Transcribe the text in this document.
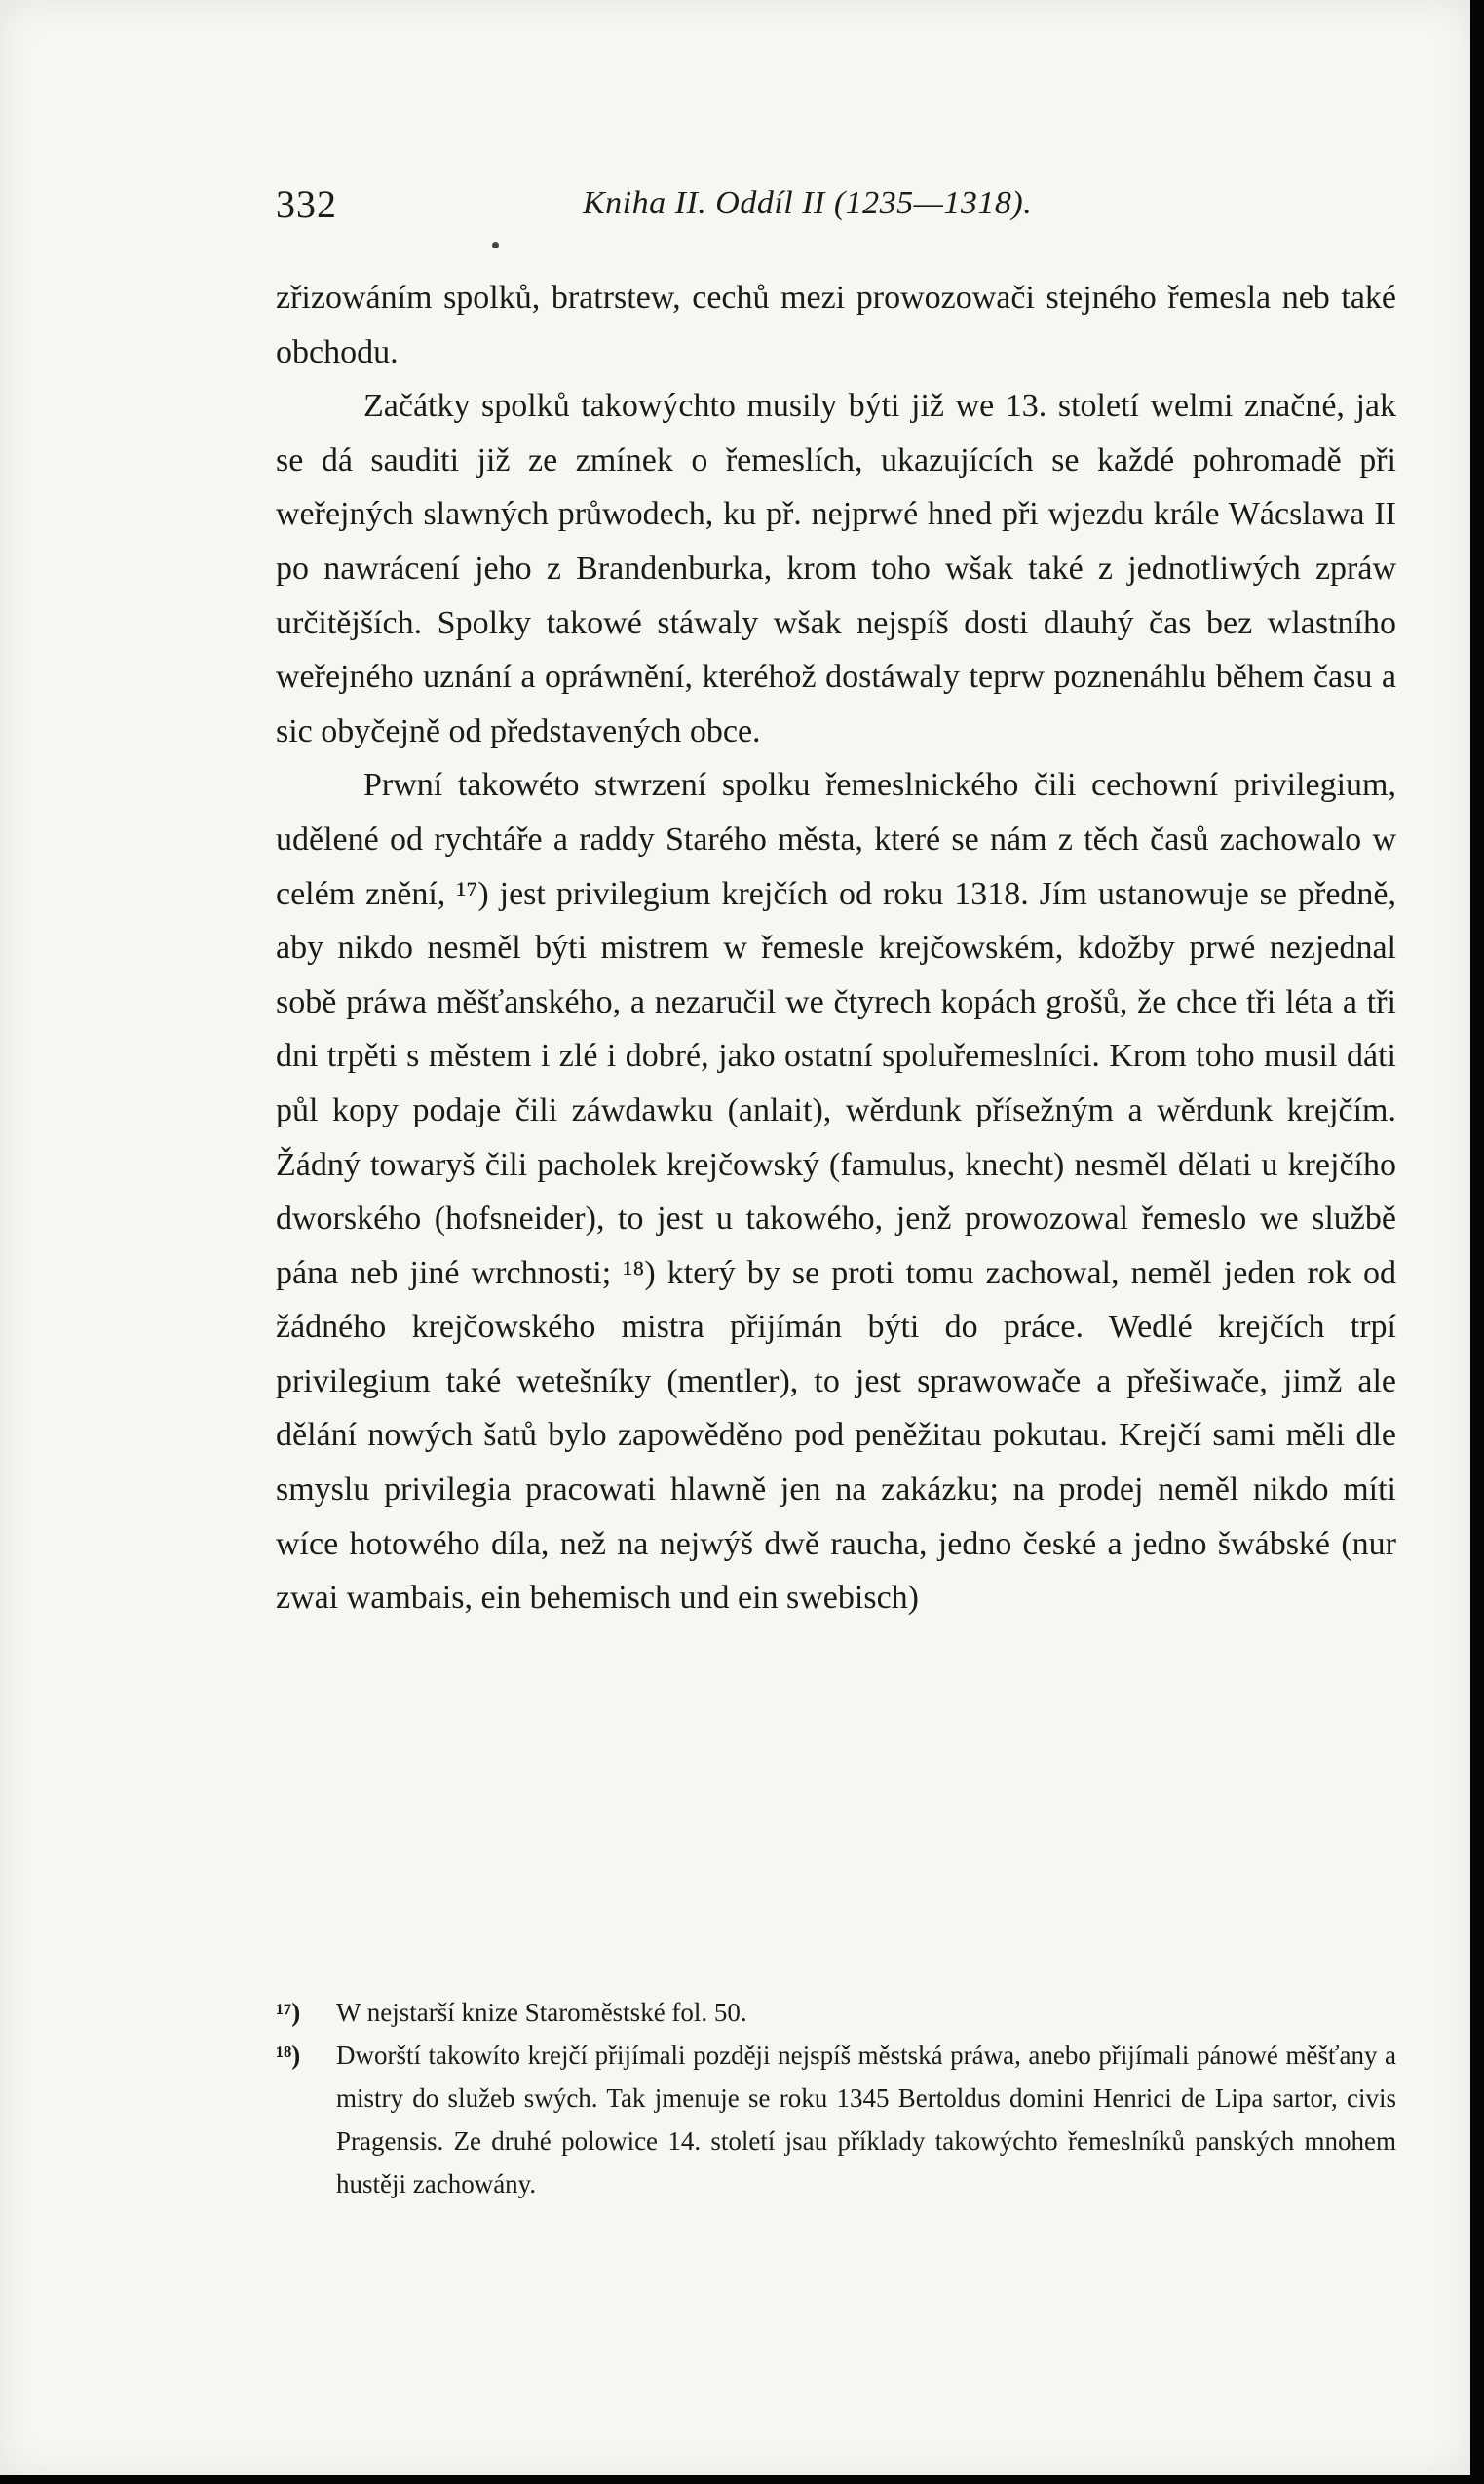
332	Kniha II. Oddíl II (1235—1318).

zřizowáním spolků, bratrstew, cechů mezi prowozowači stejného řemesla neb také obchodu.

Začátky spolků takowýchto musily býti již we 13. století welmi značné, jak se dá sauditi již ze zmínek o řemeslích, ukazujících se každé pohromadě při weřejných slawných průwodech, ku př. nejprwé hned při wjezdu krále Wácslawa II po nawrácení jeho z Brandenburka, krom toho wšak také z jednotliwých zpráw určitějších. Spolky takowé stáwaly wšak nejspíš dosti dlauhý čas bez wlastního weřejného uznání a opráwnění, kteréhož dostáwaly teprw poznenáhlu během času a sic obyčejně od představených obce.

Prwní takowéto stwrzení spolku řemeslnického čili cechowní privilegium, udělené od rychtáře a raddy Starého města, které se nám z těch časů zachowalo w celém znění, ¹⁷) jest privilegium krejčích od roku 1318. Jím ustanowuje se předně, aby nikdo nesměl býti mistrem w řemesle krejčowském, kdožby prwé nezjednal sobě práwa měšťanského, a nezaručil we čtyrech kopách grošů, že chce tři léta a tři dni trpěti s městem i zlé i dobré, jako ostatní spoluřemeslníci. Krom toho musil dáti půl kopy podaje čili záwdawku (anlait), wěrdunk přísežným a wěrdunk krejčím. Žádný towaryš čili pacholek krejčowský (famulus, knecht) nesměl dělati u krejčího dworského (hofsneider), to jest u takowého, jenž prowozowal řemeslo we službě pána neb jiné wrchnosti; ¹⁸) který by se proti tomu zachowal, neměl jeden rok od žádného krejčowského mistra přijímán býti do práce. Wedlé krejčích trpí privilegium také wetešníky (mentler), to jest sprawowače a přešiwače, jimž ale dělání nowých šatů bylo zapowěděno pod peněžitau pokutau. Krejčí sami měli dle smyslu privilegia pracowati hlawně jen na zakázku; na prodej neměl nikdo míti wíce hotowého díla, než na nejwýš dwě raucha, jedno české a jedno šwábské (nur zwai wambais, ein behemisch und ein swebisch)

¹⁷) W nejstarší knize Staroměstské fol. 50.

¹⁸) Dworští takowíto krejčí přijímali později nejspíš městská práwa, anebo přijímali pánowé měšťany a mistry do služeb swých. Tak jmenuje se roku 1345 Bertoldus domini Henrici de Lipa sartor, civis Pragensis. Ze druhé polowice 14. století jsau příklady takowýchto řemeslníků panských mnohem hustěji zachowány.
